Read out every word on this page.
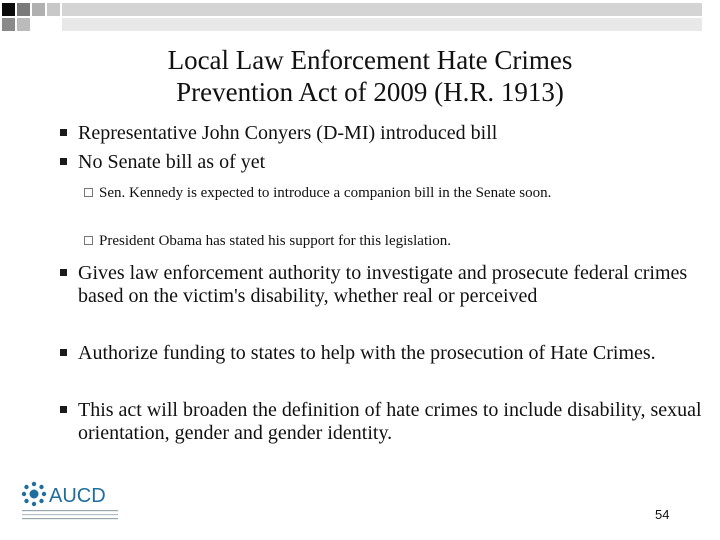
Local Law Enforcement Hate Crimes
Prevention Act of 2009 (H.R. 1913)
Representative John Conyers (D-MI) introduced bill
No Senate bill as of yet
Sen. Kennedy is expected to introduce a companion bill in the Senate soon.
President Obama has stated his support for this legislation.
Gives law enforcement authority to investigate and prosecute federal crimes based on the victim's disability, whether real or perceived
Authorize funding to states to help with the prosecution of Hate Crimes.
This act will broaden the definition of hate crimes to include disability, sexual orientation, gender and gender identity.
AUCD
54
